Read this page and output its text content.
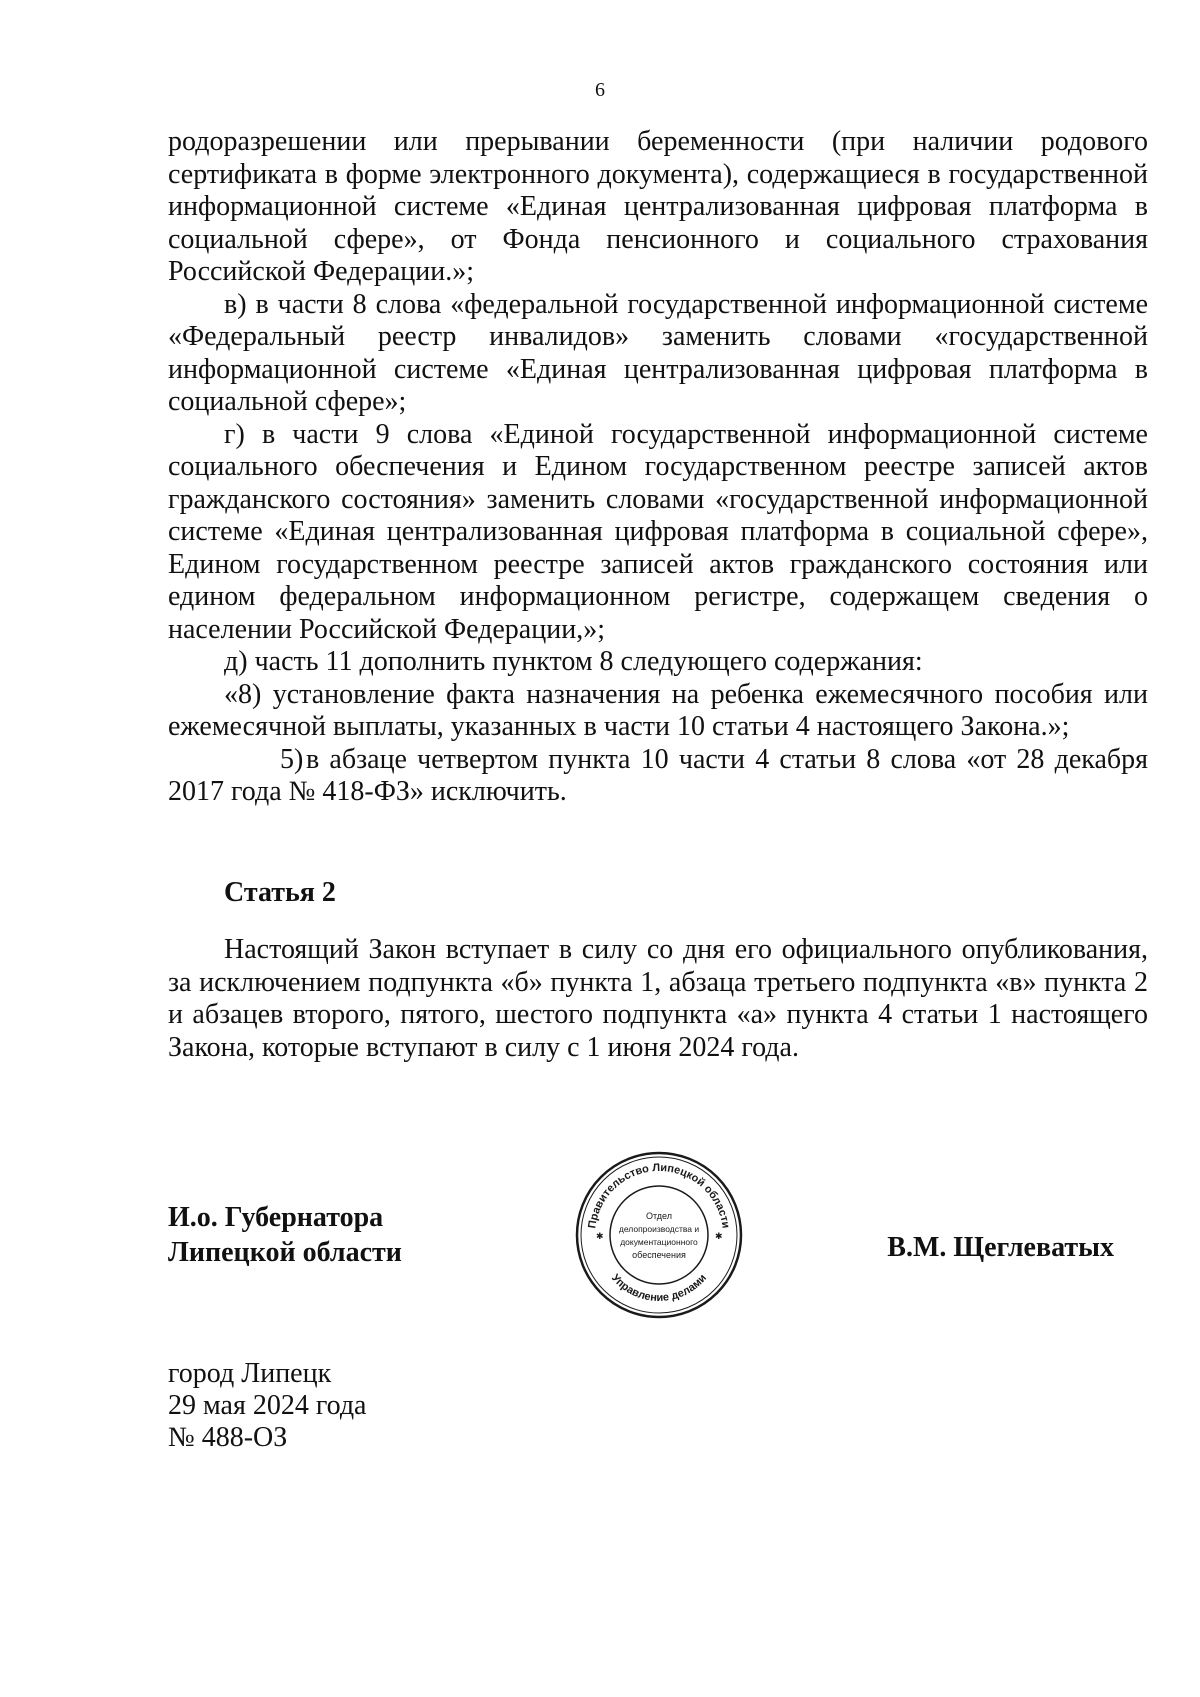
6

родоразрешении или прерывании беременности (при наличии родового сертификата в форме электронного документа), содержащиеся в государственной информационной системе «Единая централизованная цифровая платформа в социальной сфере», от Фонда пенсионного и социального страхования Российской Федерации.»;

в) в части 8 слова «федеральной государственной информационной системе «Федеральный реестр инвалидов» заменить словами «государственной информационной системе «Единая централизованная цифровая платформа в социальной сфере»;

г) в части 9 слова «Единой государственной информационной системе социального обеспечения и Едином государственном реестре записей актов гражданского состояния» заменить словами «государственной информационной системе «Единая централизованная цифровая платформа в социальной сфере», Едином государственном реестре записей актов гражданского состояния или едином федеральном информационном регистре, содержащем сведения о населении Российской Федерации,»;

д) часть 11 дополнить пунктом 8 следующего содержания:

«8) установление факта назначения на ребенка ежемесячного пособия или ежемесячной выплаты, указанных в части 10 статьи 4 настоящего Закона.»;

5)в абзаце четвертом пункта 10 части 4 статьи 8 слова «от 28 декабря 2017 года № 418-ФЗ» исключить.

Статья 2

Настоящий Закон вступает в силу со дня его официального опубликования, за исключением подпункта «б» пункта 1, абзаца третьего подпункта «в» пункта 2 и абзацев второго, пятого, шестого подпункта «а» пункта 4 статьи 1 настоящего Закона, которые вступают в силу с 1 июня 2024 года.

И.о. Губернатора
Липецкой области
Правительство Липецкой области
Управление делами
✱	✱
Отдел
делопроизводства и
документационного
обеспечения	В.М. Щеглеватых
город Липецк
29 мая 2024 года
№ 488-ОЗ
